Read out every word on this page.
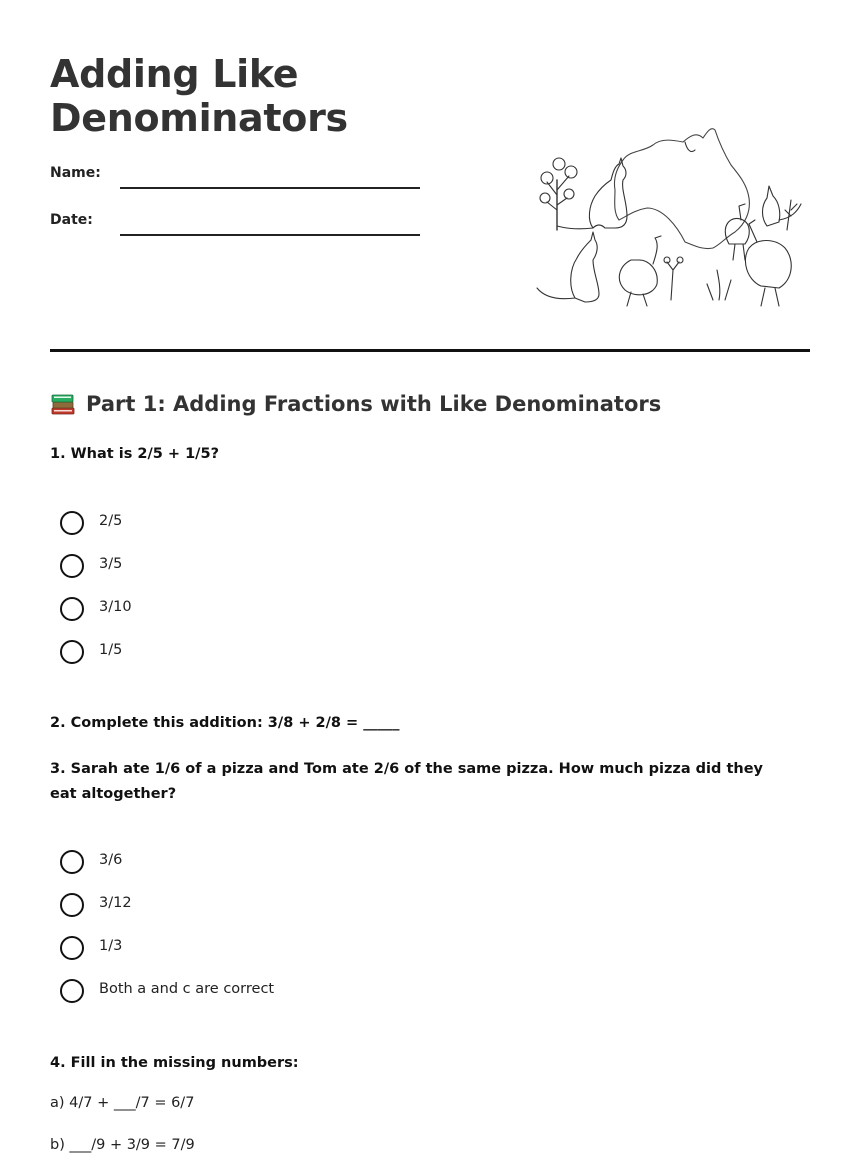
Adding Like Denominators
Name:
Date:
Part 1: Adding Fractions with Like Denominators

1. What is 2/5 + 1/5?

2/5
3/5
3/10
1/5

2. Complete this addition: 3/8 + 2/8 = _____

3. Sarah ate 1/6 of a pizza and Tom ate 2/6 of the same pizza. How much pizza did they eat altogether?

3/6
3/12
1/3
Both a and c are correct

4. Fill in the missing numbers:

a) 4/7 + ___/7 = 6/7
b) ___/9 + 3/9 = 7/9
